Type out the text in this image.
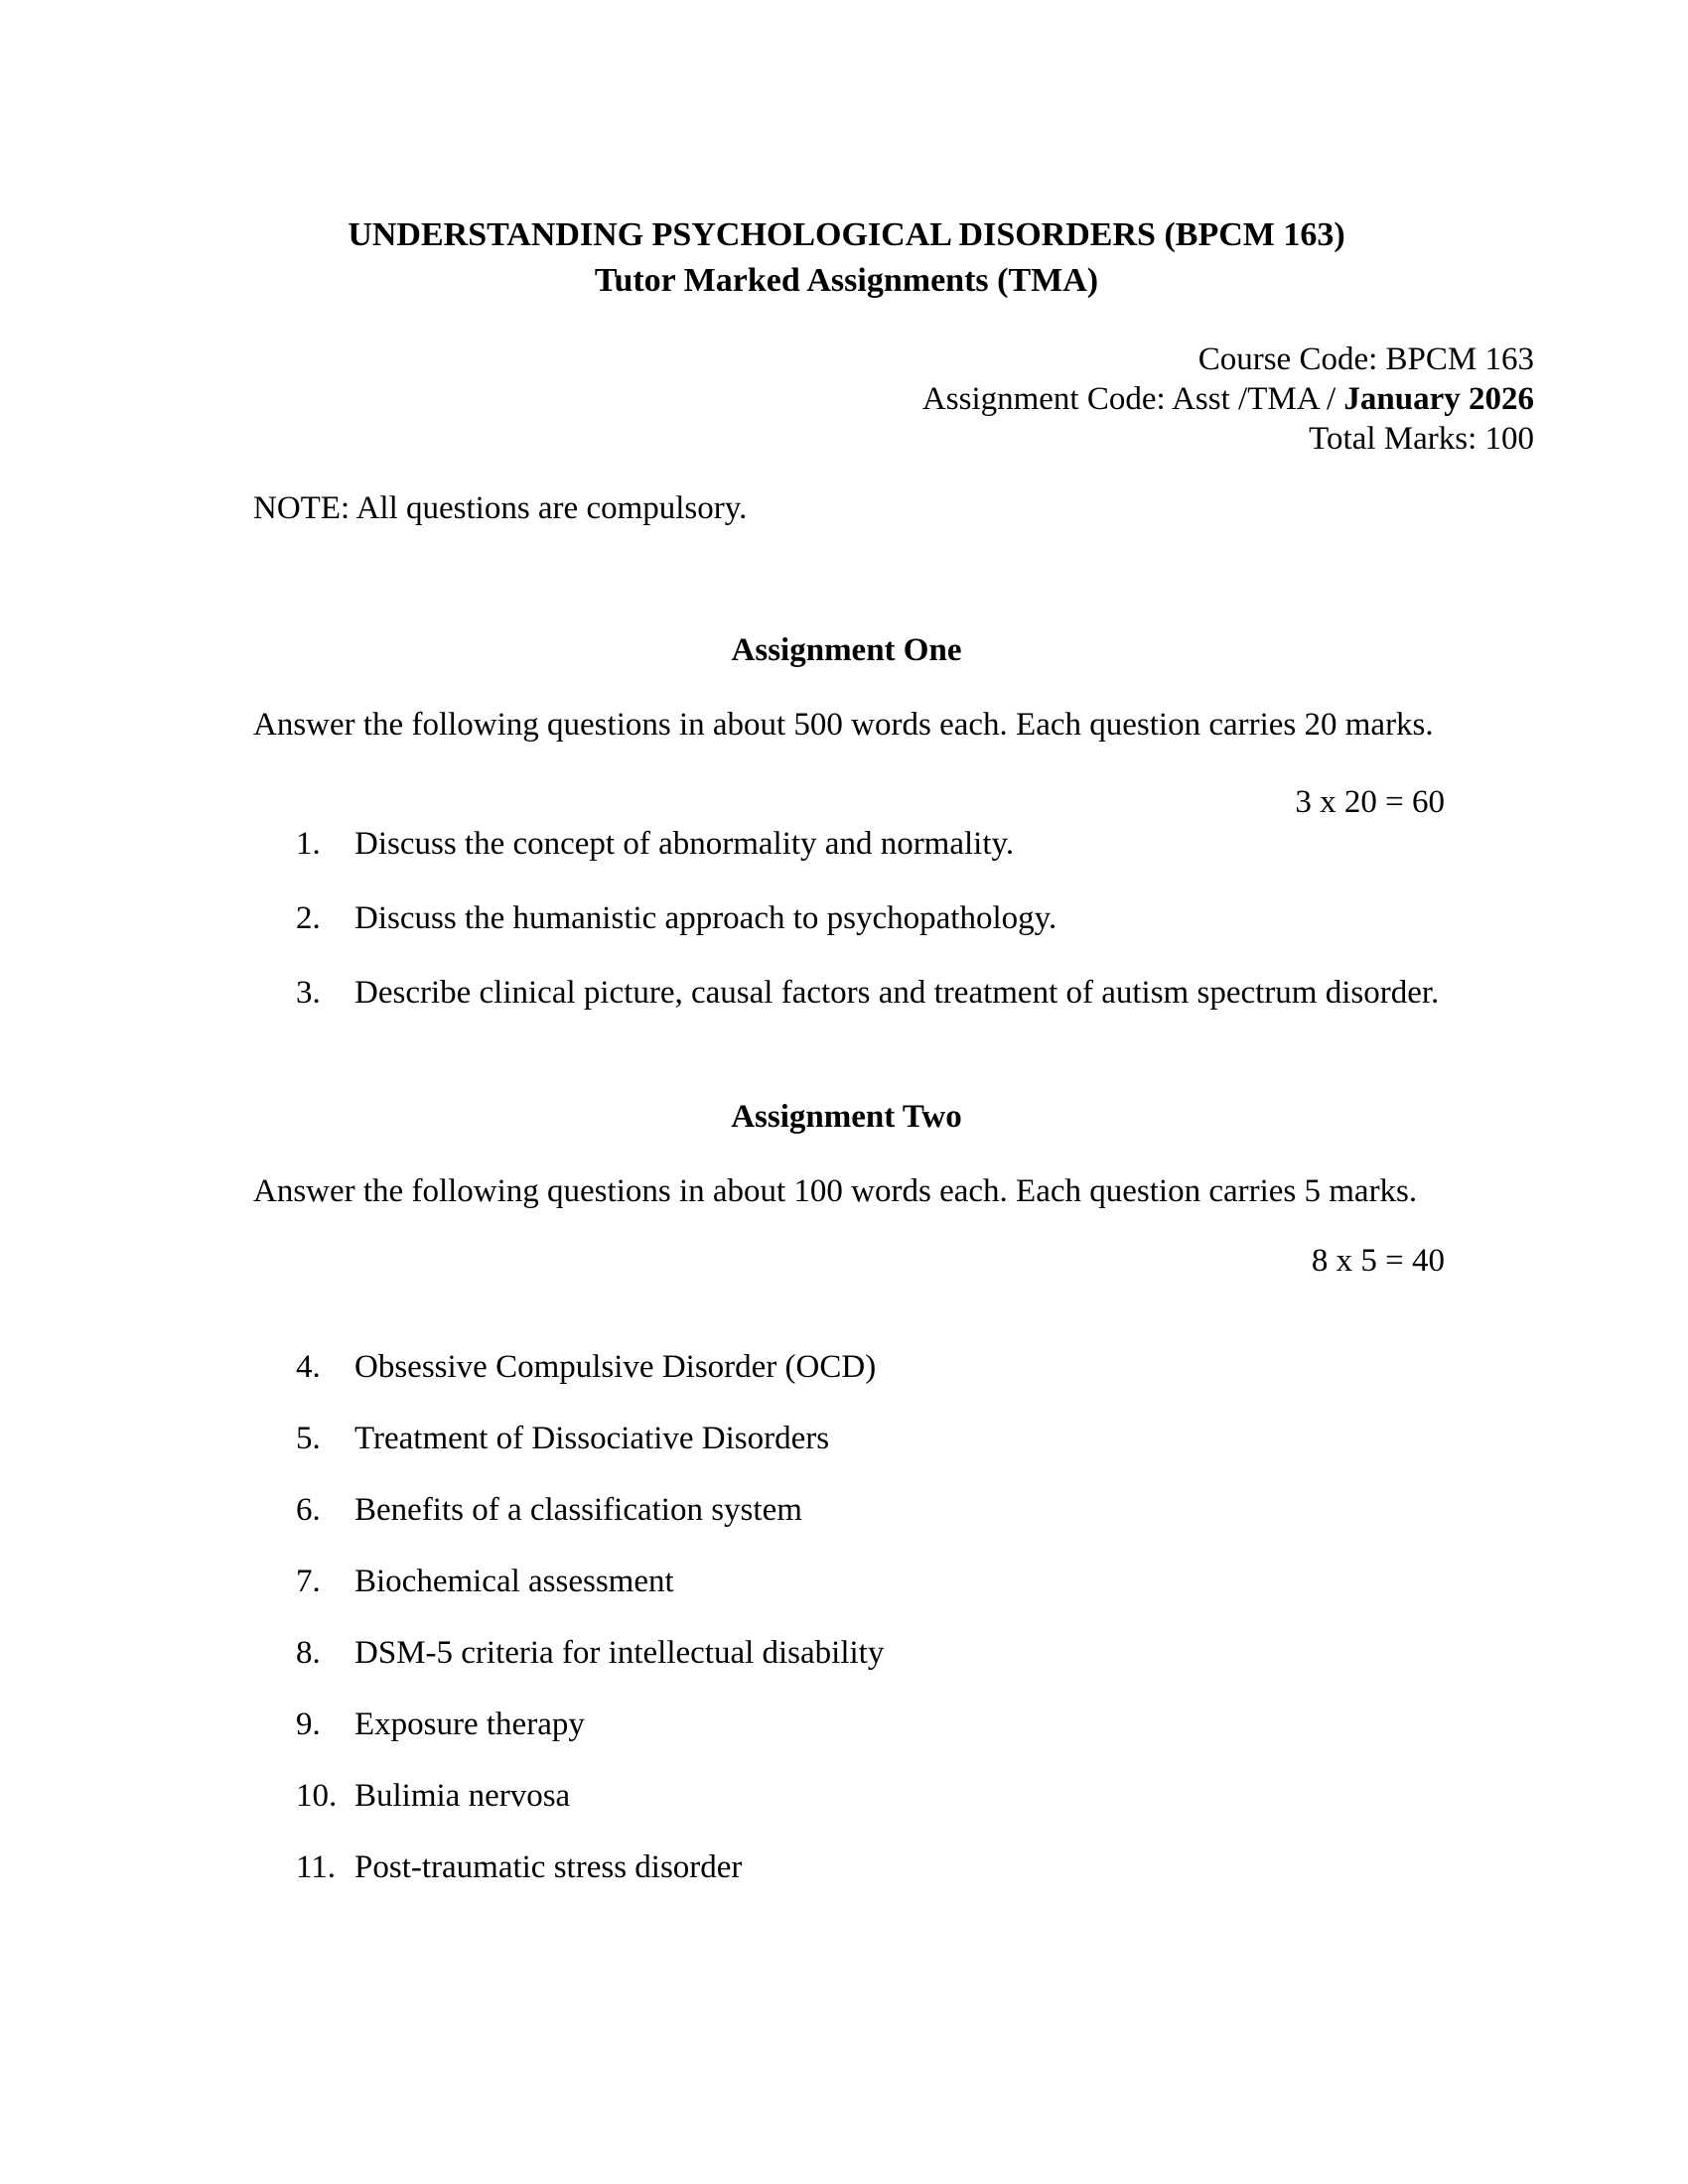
UNDERSTANDING PSYCHOLOGICAL DISORDERS (BPCM 163)
Tutor Marked Assignments (TMA)
Course Code: BPCM 163
Assignment Code: Asst /TMA / January 2026
Total Marks: 100
NOTE: All questions are compulsory.
Assignment One
Answer the following questions in about 500 words each. Each question carries 20 marks.
3 x 20 = 60
1.	Discuss the concept of abnormality and normality.
2.	Discuss the humanistic approach to psychopathology.
3.	Describe clinical picture, causal factors and treatment of autism spectrum disorder.
Assignment Two
Answer the following questions in about 100 words each. Each question carries 5 marks.
8 x 5 = 40
4.	Obsessive Compulsive Disorder (OCD)
5.	Treatment of Dissociative Disorders
6.	Benefits of a classification system
7.	Biochemical assessment
8.	DSM-5 criteria for intellectual disability
9.	Exposure therapy
10. Bulimia nervosa
11. Post-traumatic stress disorder
